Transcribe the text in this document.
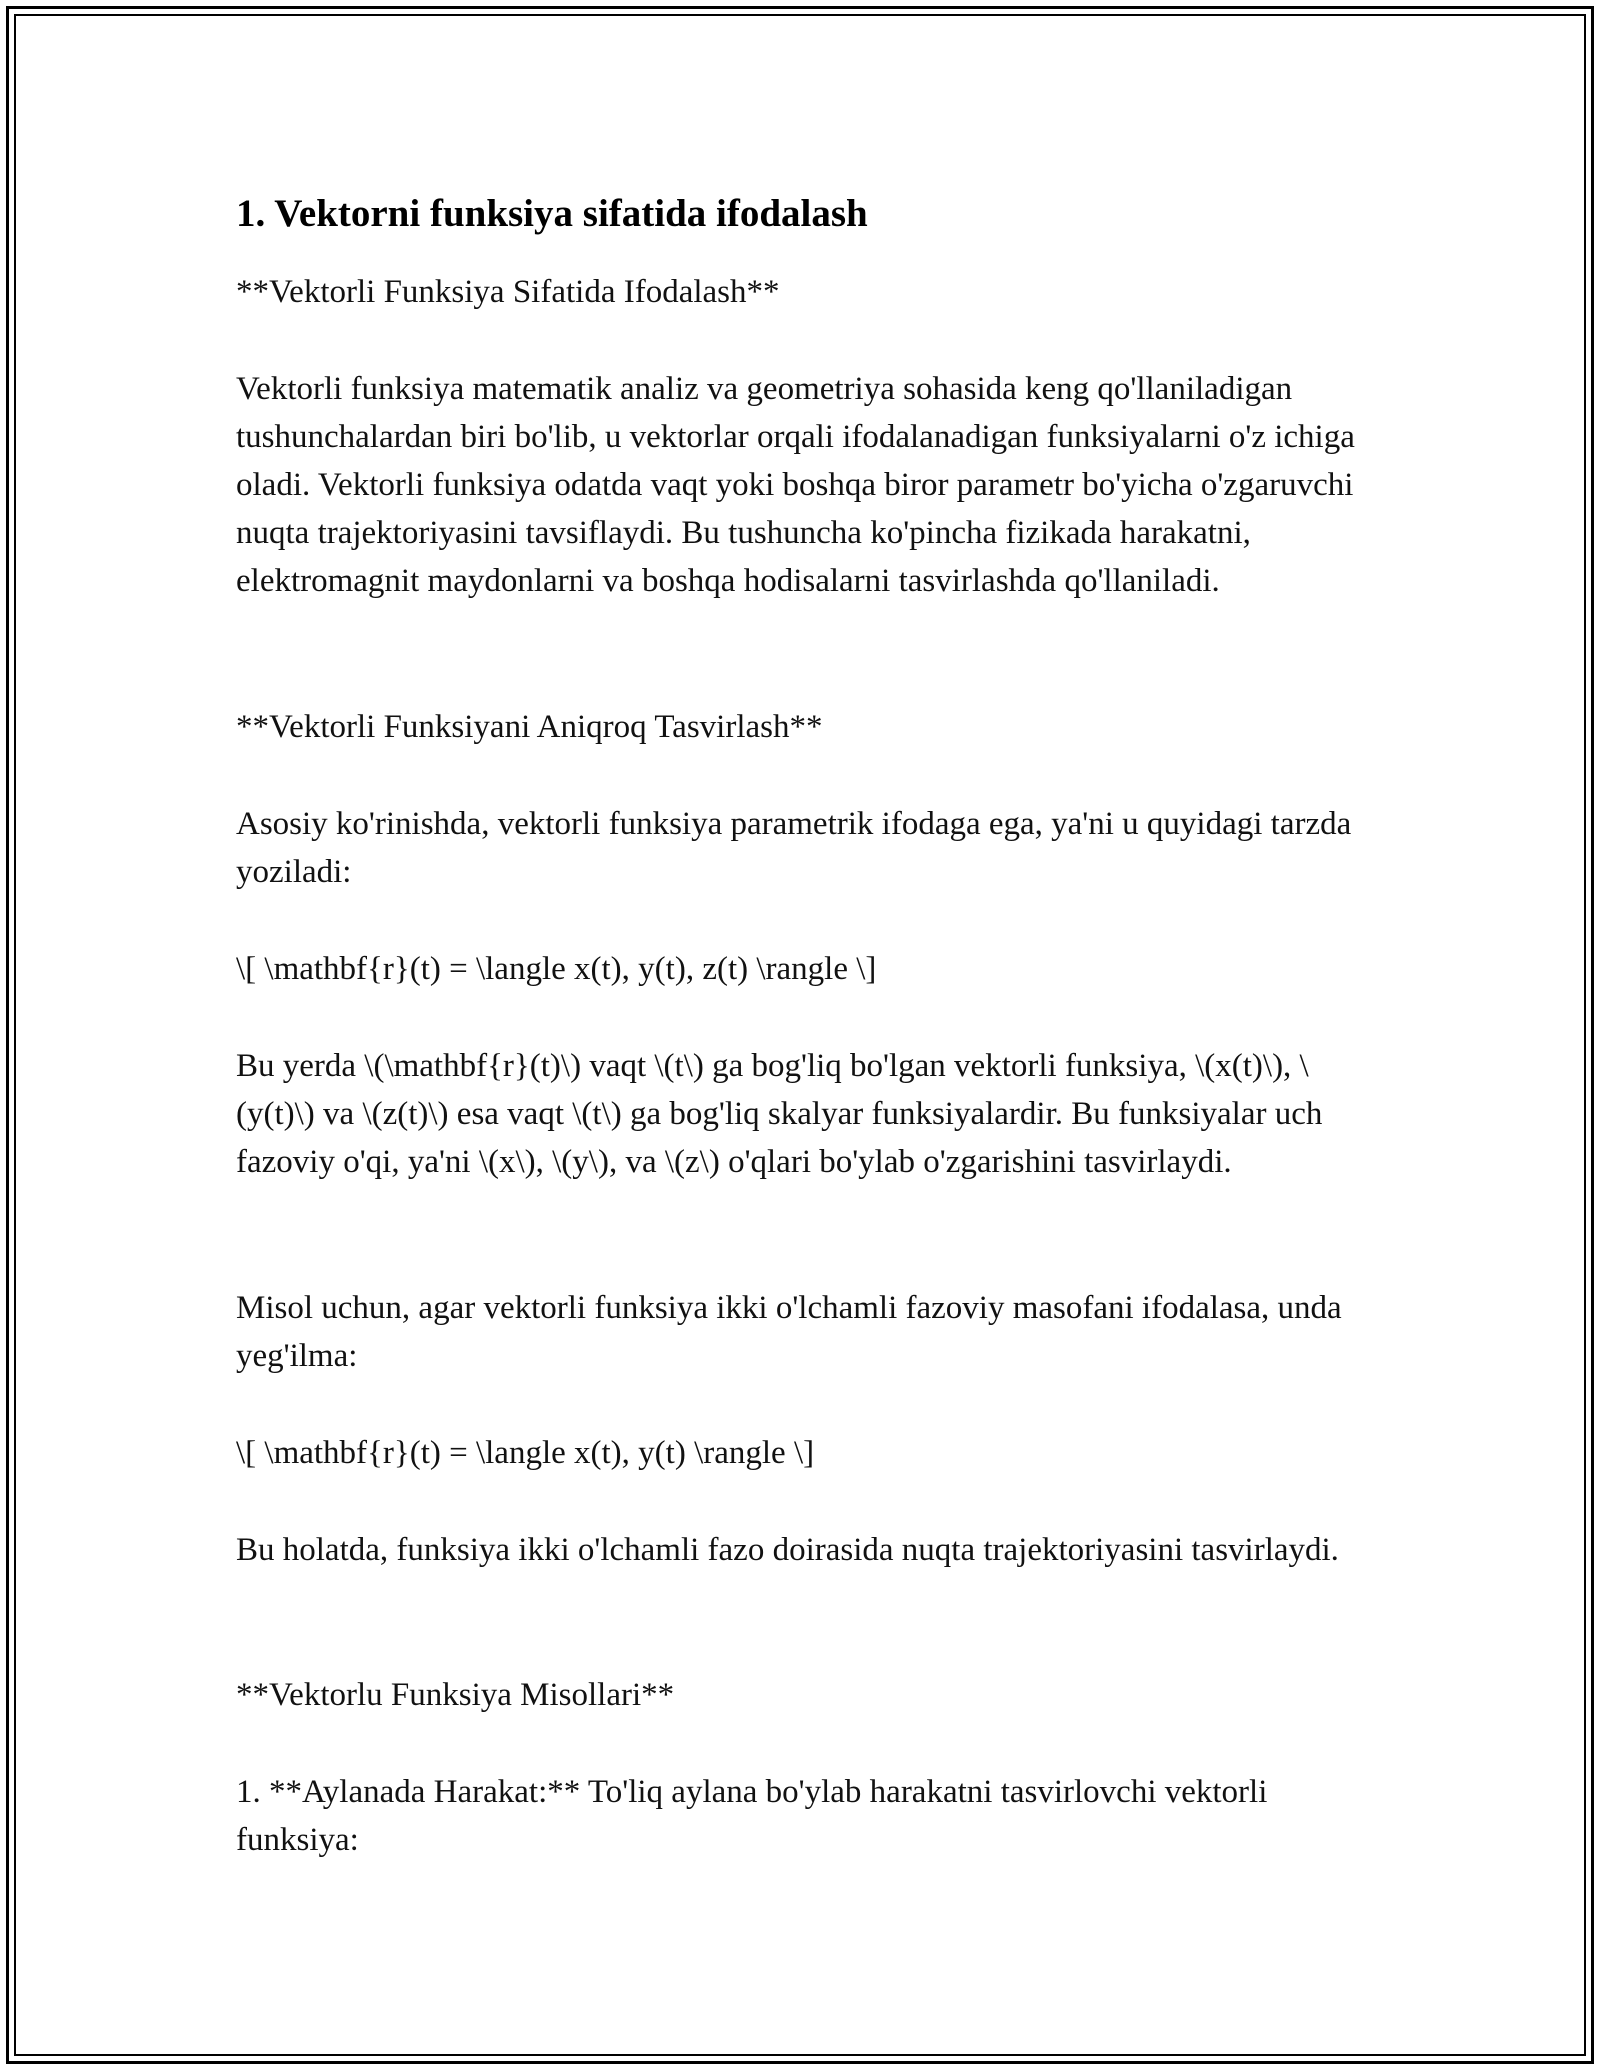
1. Vektorni funksiya sifatida ifodalash
**Vektorli Funksiya Sifatida Ifodalash**
Vektorli funksiya matematik analiz va geometriya sohasida keng qo'llaniladigan tushunchalardan biri bo'lib, u vektorlar orqali ifodalanadigan funksiyalarni o'z ichiga oladi. Vektorli funksiya odatda vaqt yoki boshqa biror parametr bo'yicha o'zgaruvchi nuqta trajektoriyasini tavsiflaydi. Bu tushuncha ko'pincha fizikada harakatni, elektromagnit maydonlarni va boshqa hodisalarni tasvirlashda qo'llaniladi.
**Vektorli Funksiyani Aniqroq Tasvirlash**
Asosiy ko'rinishda, vektorli funksiya parametrik ifodaga ega, ya'ni u quyidagi tarzda yoziladi:
\[ \mathbf{r}(t) = \langle x(t), y(t), z(t) \rangle \]
Bu yerda \(\mathbf{r}(t)\) vaqt \(t\) ga bog'liq bo'lgan vektorli funksiya, \(x(t)\), \(y(t)\) va \(z(t)\) esa vaqt \(t\) ga bog'liq skalyar funksiyalardir. Bu funksiyalar uch fazoviy o'qi, ya'ni \(x\), \(y\), va \(z\) o'qlari bo'ylab o'zgarishini tasvirlaydi.
Misol uchun, agar vektorli funksiya ikki o'lchamli fazoviy masofani ifodalasa, unda yeg'ilma:
\[ \mathbf{r}(t) = \langle x(t), y(t) \rangle \]
Bu holatda, funksiya ikki o'lchamli fazo doirasida nuqta trajektoriyasini tasvirlaydi.
**Vektorlu Funksiya Misollari**
1. **Aylanada Harakat:** To'liq aylana bo'ylab harakatni tasvirlovchi vektorli funksiya:
